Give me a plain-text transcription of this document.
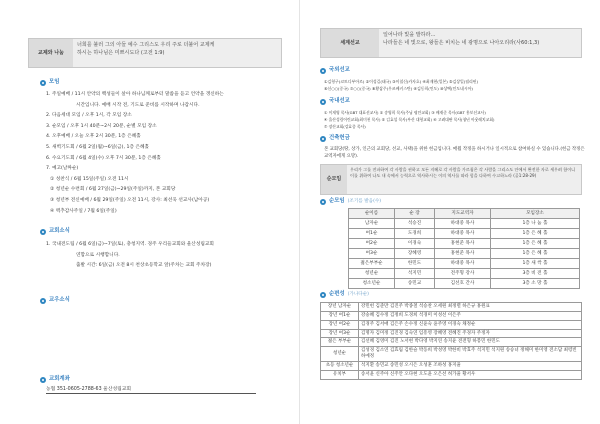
교제와 나눔
너희를 불러 그의 아들 예수 그리스도 우리 주로 더불어 교제케
하시는 하나님은 미쁘시도다 (고전 1:9)
모임
1. 주일예배 / 11시 안약의 백성들이 살아 하나님께로부터 말씀을 듣고 언약을 갱신하는
시간입니다. 예배 시작 전, 기도로 준비를 시작하며 나갑시다.
2. 다음세대 모임 / 오후 1시, 각 모임 장소
3. 순모임 / 오후 1시 40분~2시 20분, 순별 모임 장소
4. 오후예배 / 오늘 오후 2시 30분, 1층 은혜홀
5. 새벽기도회 / 6월 2일(월)~6일(금), 1층 은혜홀
6. 수요기도회 / 6월 4일(수) 오후 7시 30분, 1층 은혜홀
7. 예고(날짜순)
① 성찬식 / 6월 15일(주일) 오전 11시
② 청년순 수련회 / 6월 27일(금)~29일(주일)까지, 본 교회당
③ 청년부 전신예배 / 6월 29일(주일) 오전 11시, 강사: 최선욱 선교사(남아공)
④ 맥추감사주일 / 7월 6일(주일)
교회소식
1. 국내전도팀 / 6월 6일(금)~7일(토), 충청지역. 경주 우리들교회와 울산성림교회
연합으로 시행합니다.
출발 시간: 6일(금) 오전 8시 천상초등학교 앞(주차는 교회 주차장)
교우소식
교회계좌
농협 351-0605-2788-63 울산성림교회
세계선교
일어나라 빛을 발하라…
나라들은 네 빛으로, 왕들은 비치는 네 광명으로 나아오리라(사60:1,3)
국외선교
①김형구(코트디부아르) ②이성길(태국) ③이철신(카자흐) ④최재현(일본) ⑤김상일(필리핀)
⑥신○○(중국) ⑦○○(중국) ⑧황삼주(우즈베키스탄) ⑨김동희(인도) ⑩상택(인도네시아)
국내선교
① 이재영 목사(GBT 대표선교사) ② 송영희 목사(주님 평안교회) ③ 배재준 목사(GBT 홍보선교사)
④ 울산성림어린교회(최미천 목사) ⑤ 김효섭 목사(부산 대형교회) ⑥ 고려대판 목사(청년 아웃레치교회)
⑦ 장산교회(강효종 목사)
건축헌금
본 교회당(땅, 상가, 인근의 교회당, 선교, 사택)을 위한 헌금입니다. 매월 작정을 하시거나 일시적으로 참여하실 수 있습니다.(헌금 작정은 교역자에게 요망).
순모임
우리가 그를 전파하여 각 사람을 권하고 모든 지혜로 각 사람을 가르침은 각 사람을 그리스도 안에서 완전한 자로 세우려 함이니 이를 위하여 나도 내 속에서 능력으로 역사하시는 이의 역사를 따라 힘을 다하여 수고하노라 (골1:28-29)
순모임 (조기를 발음(수)
순이름	순 장	지도교역자	모임장소
남자순	석승진	하대중 목사	1층 나 눔 홀
여1순	도경희	하대중 목사	1층 은 혜 홀
여2순	이경숙	홍현준 목사	1층 은 혜 홀
여3순	장혜영	홍현준 목사	1층 은 혜 홀
젊은부부순	한민도	하대중 목사	1층 새 싹 홀
청년순	석지민	전주형 강사	3층 비 전 홀
청소년순	송민교	김선호 간사	3층 소 망 홀
순편성 (가나다순)
장년 남자순	강민헌 김준만 김진주 박종철 석승찬 오세원 최정렬 하은규 홍원표
장년 여1순	강숭혜 김수정 김정희 도경희 석경미 이성선 이은주
장년 여2순	김경주 김서애 김은주 손수정 신윤숙 윤주영 이경숙 채정순
장년 여3순	김명자 김미정 김진경 김숙연 임흥영 장혜영 전혜진 주경자 주정자
젊은 부부순	김선혜 김영미 김진 노서현 박다영 박지연 송지윤 전전형 하봉민 한민도
청년순	김성경 김소연 김효림 김한슬 박동희 박성영 박한비 박효주 석지민 석지원 송승녀 정해미 한미영 전소담 최령빈 하예정
초등 청소년순	석지환 송민교 송민성 오시은 오성훈 조하성 홍지율
유치부	송서윤 신주아 신주안 오다현 오도윤 오은선 허가율 황서우
